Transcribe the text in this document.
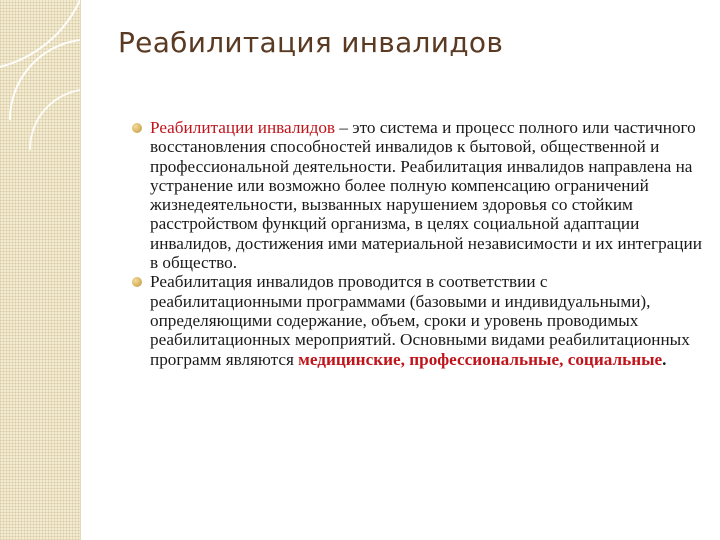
Реабилитация инвалидов
Реабилитации инвалидов – это система и процесс полного или частичного восстановления способностей инвалидов к бытовой, общественной и профессиональной деятельности. Реабилитация инвалидов направлена на устранение или возможно более полную компенсацию ограничений жизнедеятельности, вызванных нарушением здоровья со стойким расстройством функций организма, в целях социальной адаптации инвалидов, достижения ими материальной независимости и их интеграции в общество.
Реабилитация инвалидов проводится в соответствии с реабилитационными программами (базовыми и индивидуальными), определяющими содержание, объем, сроки и уровень проводимых реабилитационных мероприятий. Основными видами реабилитационных программ являются медицинские, профессиональные, социальные.
